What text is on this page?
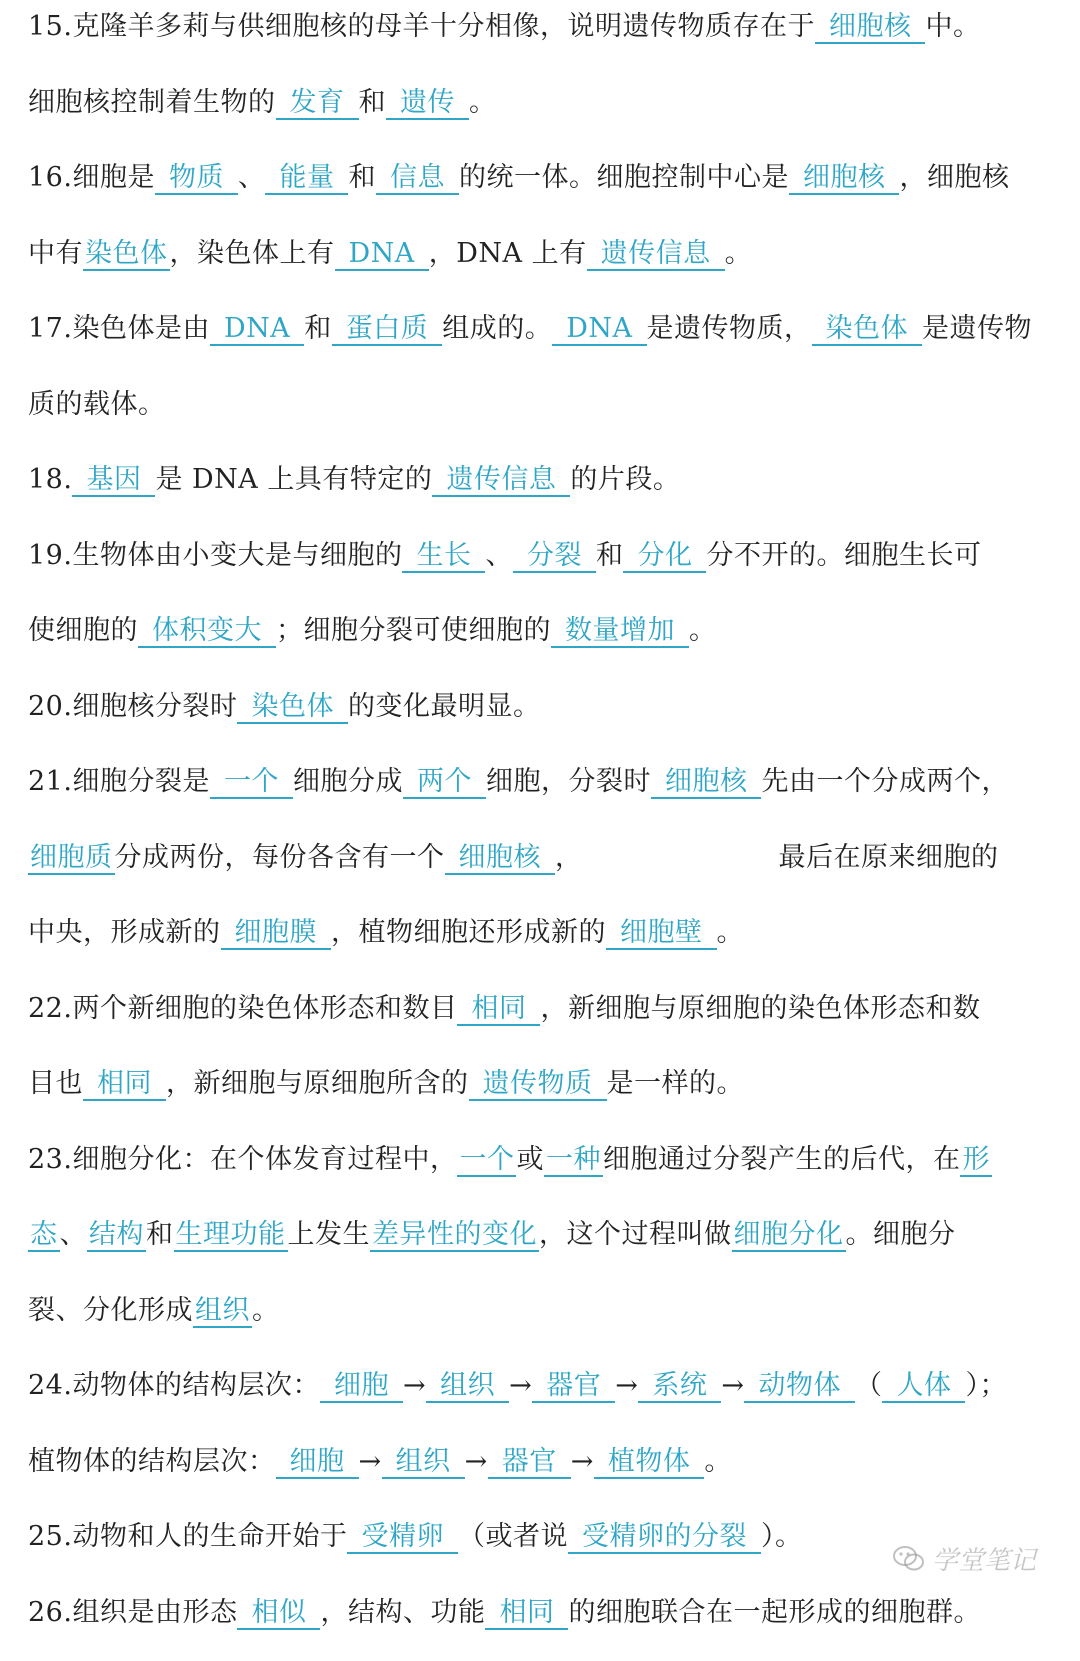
15.克隆羊多莉与供细胞核的母羊十分相像，说明遗传物质存在于 细胞核 中。
细胞核控制着生物的 发育 和 遗传 。
16.细胞是 物质 、 能量 和 信息 的统一体。细胞控制中心是 细胞核 ，细胞核
中有染色体，染色体上有 DNA ，DNA 上有 遗传信息 。
17.染色体是由 DNA 和 蛋白质 组成的。 DNA 是遗传物质， 染色体 是遗传物
质的载体。
18. 基因 是 DNA 上具有特定的 遗传信息 的片段。
19.生物体由小变大是与细胞的 生长 、 分裂 和 分化 分不开的。细胞生长可
使细胞的 体积变大 ；细胞分裂可使细胞的 数量增加 。
20.细胞核分裂时 染色体 的变化最明显。
21.细胞分裂是 一个 细胞分成 两个 细胞，分裂时 细胞核 先由一个分成两个，
细胞质分成两份，每份各含有一个 细胞核 ，	最后在原来细胞的
中央，形成新的 细胞膜 ，植物细胞还形成新的 细胞壁 。
22.两个新细胞的染色体形态和数目 相同 ，新细胞与原细胞的染色体形态和数
目也 相同 ，新细胞与原细胞所含的 遗传物质 是一样的。
23.细胞分化：在个体发育过程中，一个或一种细胞通过分裂产生的后代，在形
态、结构和生理功能上发生差异性的变化，这个过程叫做细胞分化。细胞分
裂、分化形成组织。
24.动物体的结构层次： 细胞 → 组织 → 器官 → 系统 → 动物体 （ 人体 ）；
植物体的结构层次： 细胞 → 组织 → 器官 → 植物体 。
25.动物和人的生命开始于 受精卵 （或者说 受精卵的分裂 ）。
26.组织是由形态 相似 ，结构、功能 相同 的细胞联合在一起形成的细胞群。
学堂笔记
